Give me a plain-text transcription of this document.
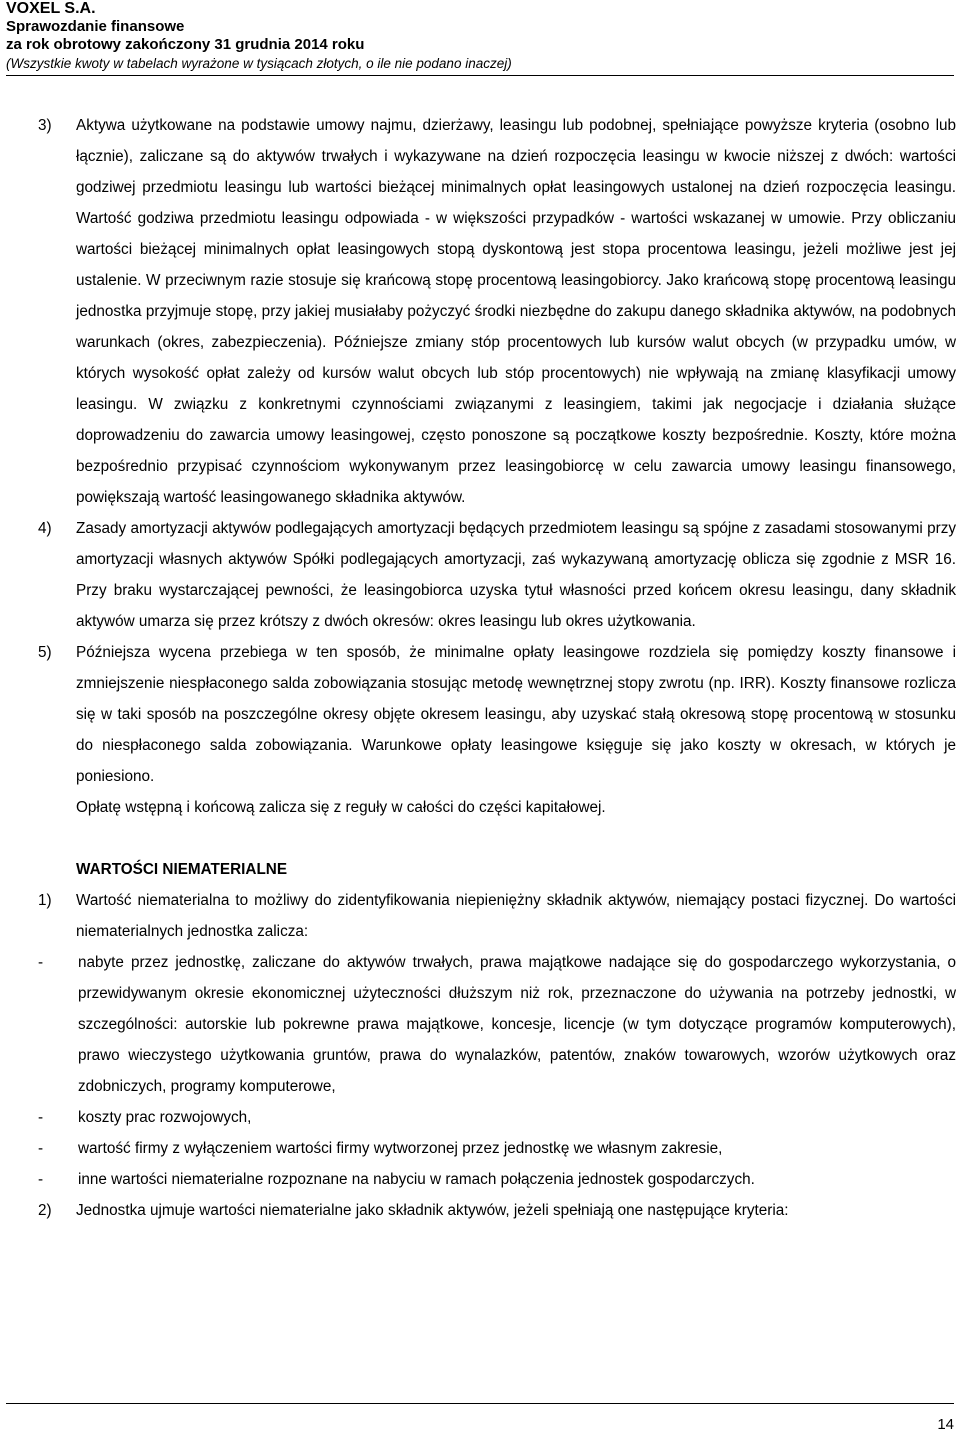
VOXEL S.A.
Sprawozdanie finansowe
za rok obrotowy zakończony 31 grudnia 2014 roku
(Wszystkie kwoty w tabelach wyrażone w tysiącach złotych, o ile nie podano inaczej)
3) Aktywa użytkowane na podstawie umowy najmu, dzierżawy, leasingu lub podobnej, spełniające powyższe kryteria (osobno lub łącznie), zaliczane są do aktywów trwałych i wykazywane na dzień rozpoczęcia leasingu w kwocie niższej z dwóch: wartości godziwej przedmiotu leasingu lub wartości bieżącej minimalnych opłat leasingowych ustalonej na dzień rozpoczęcia leasingu. Wartość godziwa przedmiotu leasingu odpowiada - w większości przypadków - wartości wskazanej w umowie. Przy obliczaniu wartości bieżącej minimalnych opłat leasingowych stopą dyskontową jest stopa procentowa leasingu, jeżeli możliwe jest jej ustalenie. W przeciwnym razie stosuje się krańcową stopę procentową leasingobiorcy. Jako krańcową stopę procentową leasingu jednostka przyjmuje stopę, przy jakiej musiałaby pożyczyć środki niezbędne do zakupu danego składnika aktywów, na podobnych warunkach (okres, zabezpieczenia). Późniejsze zmiany stóp procentowych lub kursów walut obcych (w przypadku umów, w których wysokość opłat zależy od kursów walut obcych lub stóp procentowych) nie wpływają na zmianę klasyfikacji umowy leasingu. W związku z konkretnymi czynnościami związanymi z leasingiem, takimi jak negocjacje i działania służące doprowadzeniu do zawarcia umowy leasingowej, często ponoszone są początkowe koszty bezpośrednie. Koszty, które można bezpośrednio przypisać czynnościom wykonywanym przez leasingobiorcę w celu zawarcia umowy leasingu finansowego, powiększają wartość leasingowanego składnika aktywów.
4) Zasady amortyzacji aktywów podlegających amortyzacji będących przedmiotem leasingu są spójne z zasadami stosowanymi przy amortyzacji własnych aktywów Spółki podlegających amortyzacji, zaś wykazywaną amortyzację oblicza się zgodnie z MSR 16. Przy braku wystarczającej pewności, że leasingobiorca uzyska tytuł własności przed końcem okresu leasingu, dany składnik aktywów umarza się przez krótszy z dwóch okresów: okres leasingu lub okres użytkowania.
5) Późniejsza wycena przebiega w ten sposób, że minimalne opłaty leasingowe rozdziela się pomiędzy koszty finansowe i zmniejszenie niespłaconego salda zobowiązania stosując metodę wewnętrznej stopy zwrotu (np. IRR). Koszty finansowe rozlicza się w taki sposób na poszczególne okresy objęte okresem leasingu, aby uzyskać stałą okresową stopę procentową w stosunku do niespłaconego salda zobowiązania. Warunkowe opłaty leasingowe księguje się jako koszty w okresach, w których je poniesiono.
Opłatę wstępną i końcową zalicza się z reguły w całości do części kapitałowej.
WARTOŚCI NIEMATERIALNE
1) Wartość niematerialna to możliwy do zidentyfikowania niepieniężny składnik aktywów, niemający postaci fizycznej. Do wartości niematerialnych jednostka zalicza:
- nabyte przez jednostkę, zaliczane do aktywów trwałych, prawa majątkowe nadające się do gospodarczego wykorzystania, o przewidywanym okresie ekonomicznej użyteczności dłuższym niż rok, przeznaczone do używania na potrzeby jednostki, w szczególności: autorskie lub pokrewne prawa majątkowe, koncesje, licencje (w tym dotyczące programów komputerowych), prawo wieczystego użytkowania gruntów, prawa do wynalazków, patentów, znaków towarowych, wzorów użytkowych oraz zdobniczych, programy komputerowe,
- koszty prac rozwojowych,
- wartość firmy z wyłączeniem wartości firmy wytworzonej przez jednostkę we własnym zakresie,
- inne wartości niematerialne rozpoznane na nabyciu w ramach połączenia jednostek gospodarczych.
2) Jednostka ujmuje wartości niematerialne jako składnik aktywów, jeżeli spełniają one następujące kryteria:
14
